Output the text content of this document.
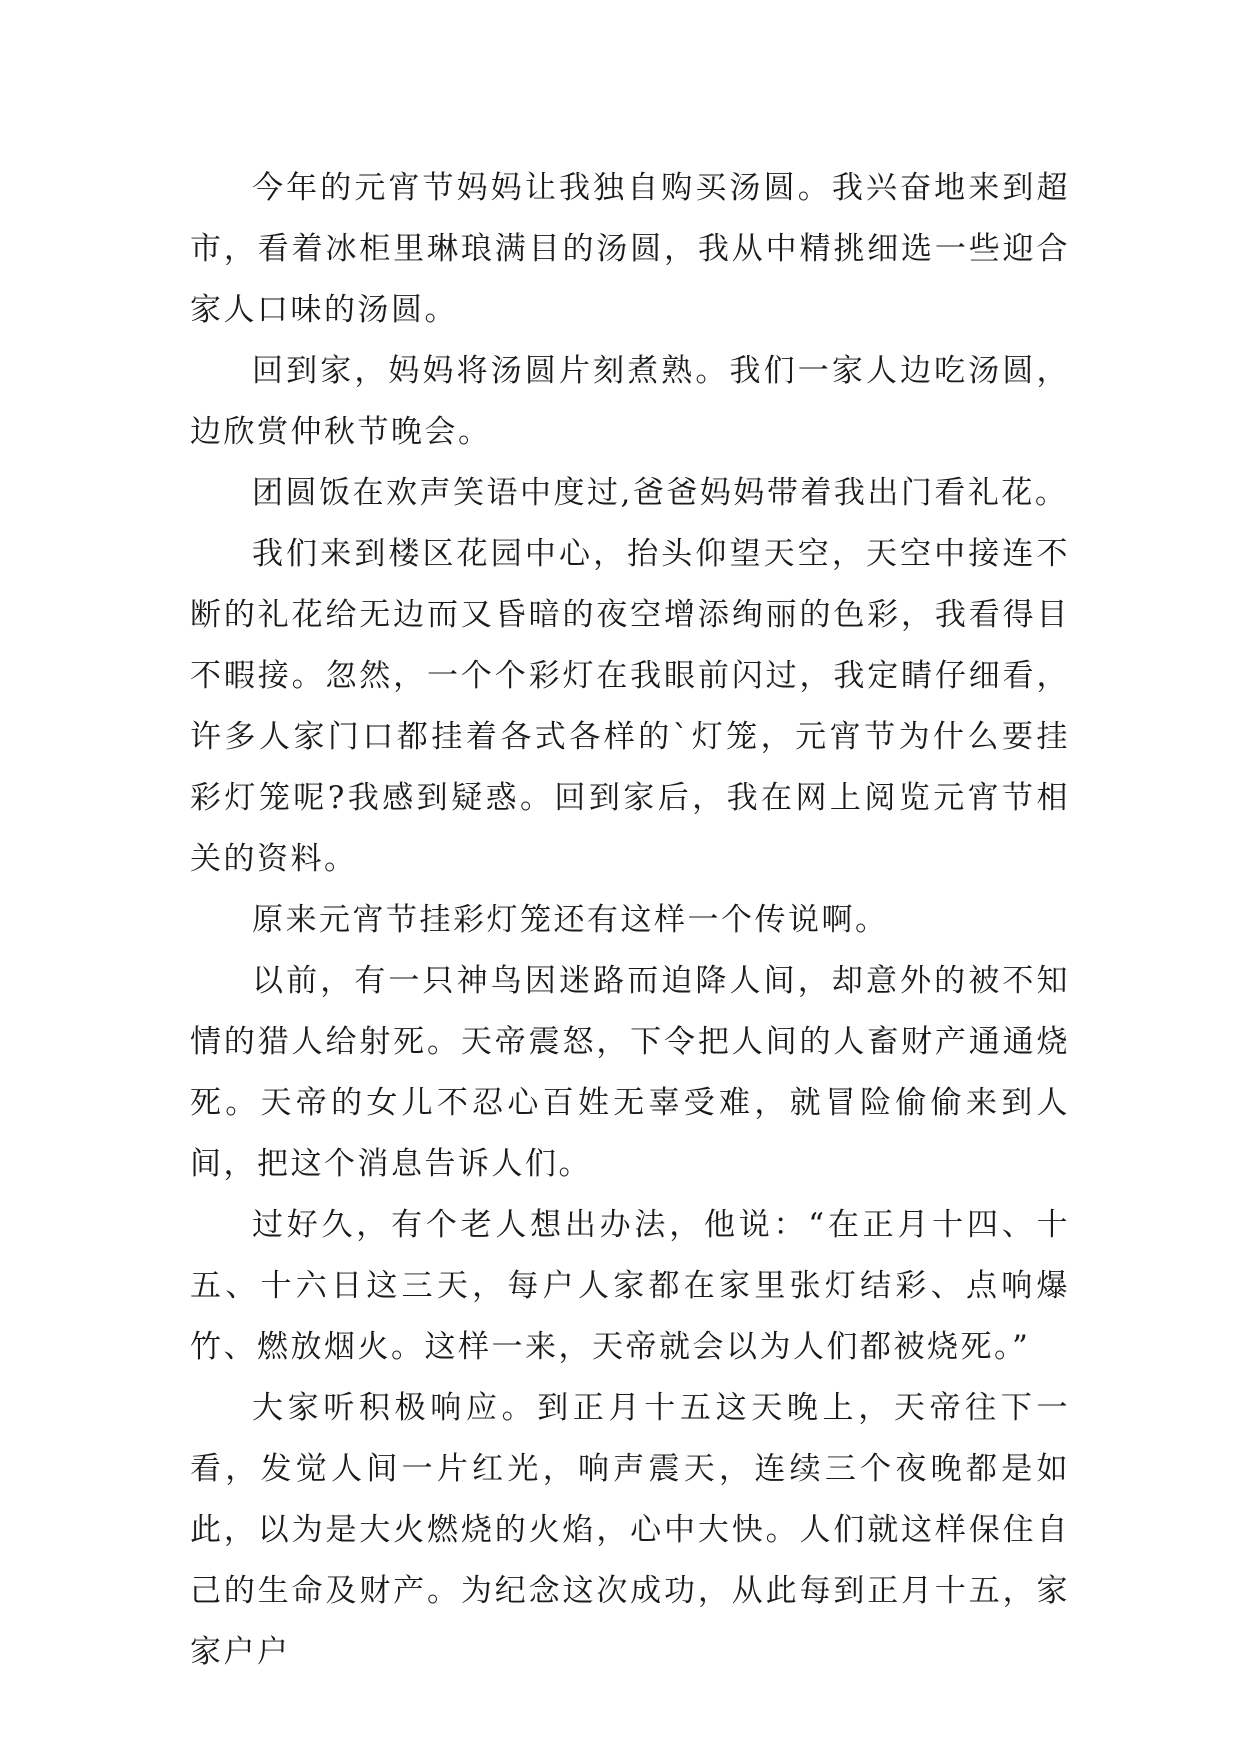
今年的元宵节妈妈让我独自购买汤圆。我兴奋地来到超市，看着冰柜里琳琅满目的汤圆，我从中精挑细选一些迎合家人口味的汤圆。

回到家，妈妈将汤圆片刻煮熟。我们一家人边吃汤圆，边欣赏仲秋节晚会。

团圆饭在欢声笑语中度过,爸爸妈妈带着我出门看礼花。

我们来到楼区花园中心，抬头仰望天空，天空中接连不断的礼花给无边而又昏暗的夜空增添绚丽的色彩，我看得目不暇接。忽然，一个个彩灯在我眼前闪过，我定睛仔细看，许多人家门口都挂着各式各样的`灯笼，元宵节为什么要挂彩灯笼呢?我感到疑惑。回到家后，我在网上阅览元宵节相关的资料。

原来元宵节挂彩灯笼还有这样一个传说啊。

以前，有一只神鸟因迷路而迫降人间，却意外的被不知情的猎人给射死。天帝震怒，下令把人间的人畜财产通通烧死。天帝的女儿不忍心百姓无辜受难，就冒险偷偷来到人间，把这个消息告诉人们。

过好久，有个老人想出办法，他说：“在正月十四、十五、十六日这三天，每户人家都在家里张灯结彩、点响爆竹、燃放烟火。这样一来，天帝就会以为人们都被烧死。”

大家听积极响应。到正月十五这天晚上，天帝往下一看，发觉人间一片红光，响声震天，连续三个夜晚都是如此，以为是大火燃烧的火焰，心中大快。人们就这样保住自己的生命及财产。为纪念这次成功，从此每到正月十五，家家户户
